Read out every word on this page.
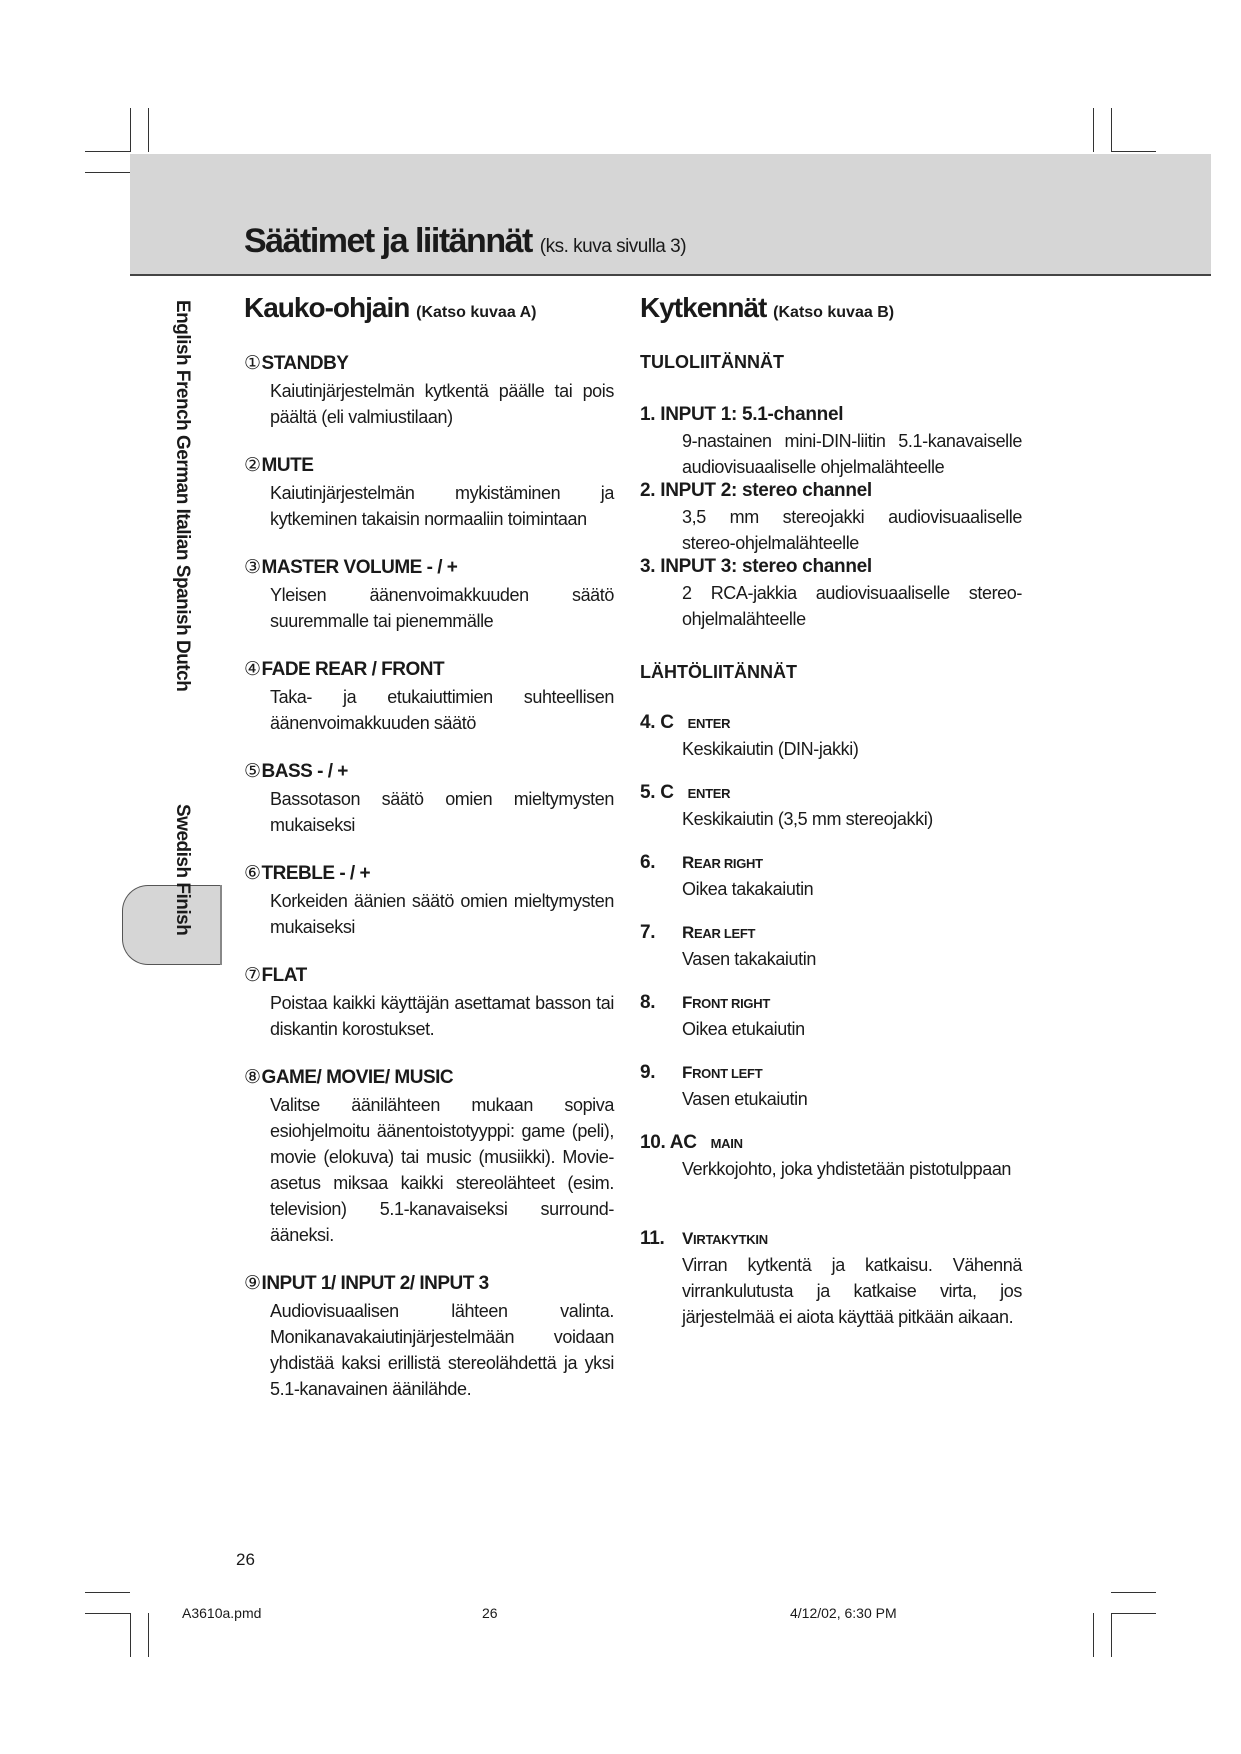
Säätimet ja liitännät (ks. kuva sivulla 3)
English French German Italian Spanish Dutch
Swedish Finish
Kauko-ohjain (Katso kuvaa A)
①STANDBY
Kaiutinjärjestelmän kytkentä päälle tai pois päältä (eli valmiustilaan)
②MUTE
Kaiutinjärjestelmän mykistäminen ja kytkeminen takaisin normaaliin toimintaan
③MASTER VOLUME - / +
Yleisen äänenvoimakkuuden säätö suuremmalle tai pienemmälle
④FADE REAR / FRONT
Taka- ja etukaiuttimien suhteellisen äänenvoimakkuuden säätö
⑤BASS - / +
Bassotason säätö omien mieltymysten mukaiseksi
⑥TREBLE - / +
Korkeiden äänien säätö omien mieltymysten mukaiseksi
⑦FLAT
Poistaa kaikki käyttäjän asettamat basson tai diskantin korostukset.
⑧GAME/ MOVIE/ MUSIC
Valitse äänilähteen mukaan sopiva esiohjelmoitu äänentoistotyyppi: game (peli), movie (elokuva) tai music (musiikki). Movie-asetus miksaa kaikki stereolähteet (esim. television) 5.1-kanavaiseksi surround-ääneksi.
⑨INPUT 1/ INPUT 2/ INPUT 3
Audiovisuaalisen lähteen valinta. Monikanavakaiutinjärjestelmään voidaan yhdistää kaksi erillistä stereolähdettä ja yksi 5.1-kanavainen äänilähde.
Kytkennät (Katso kuvaa B)
TULOLIITÄNNÄT
1. INPUT 1: 5.1-channel
9-nastainen mini-DIN-liitin 5.1-kanavaiselle audiovisuaaliselle ohjelmalähteelle
2. INPUT 2: stereo channel
3,5 mm stereojakki audiovisuaaliselle stereo-ohjelmalähteelle
3. INPUT 3: stereo channel
2 RCA-jakkia audiovisuaaliselle stereo-ohjelmalähteelle
LÄHTÖLIITÄNNÄT
4. C ENTER
Keskikaiutin (DIN-jakki)
5. C ENTER
Keskikaiutin (3,5 mm stereojakki)
6. REAR RIGHT
Oikea takakaiutin
7. REAR LEFT
Vasen takakaiutin
8. FRONT RIGHT
Oikea etukaiutin
9. FRONT LEFT
Vasen etukaiutin
10. AC MAIN
Verkkojohto, joka yhdistetään pistotulppaan
11. VIRTAKYTKIN
Virran kytkentä ja katkaisu. Vähennä virrankulutusta ja katkaise virta, jos järjestelmää ei aiota käyttää pitkään aikaan.
26
A3610a.pmd	26	4/12/02, 6:30 PM
